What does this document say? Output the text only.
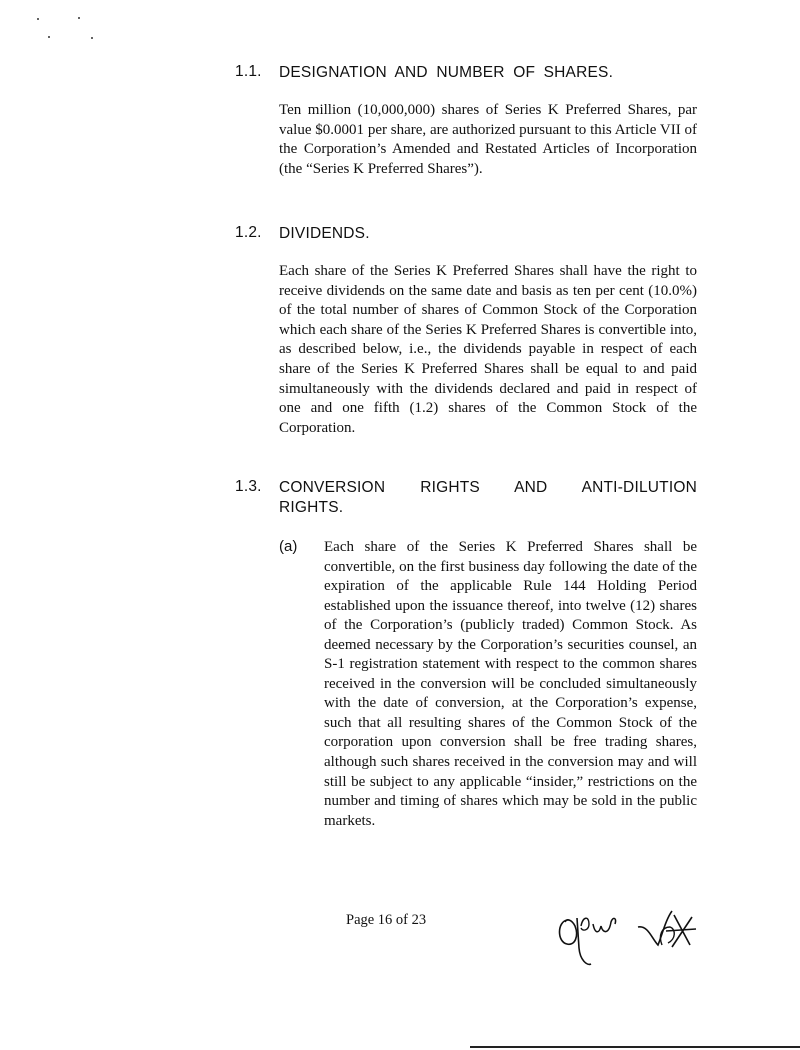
1.1. DESIGNATION AND NUMBER OF SHARES.

Ten million (10,000,000) shares of Series K Preferred Shares, par value $0.0001 per share, are authorized pursuant to this Article VII of the Corporation’s Amended and Restated Articles of Incorporation (the “Series K Preferred Shares”).

1.2. DIVIDENDS.

Each share of the Series K Preferred Shares shall have the right to receive dividends on the same date and basis as ten per cent (10.0%) of the total number of shares of Common Stock of the Corporation which each share of the Series K Preferred Shares is convertible into, as described below, i.e., the dividends payable in respect of each share of the Series K Preferred Shares shall be equal to and paid simultaneously with the dividends declared and paid in respect of one and one fifth (1.2) shares of the Common Stock of the Corporation.

1.3. CONVERSION RIGHTS AND ANTI-DILUTION
RIGHTS.
(a) Each share of the Series K Preferred Shares shall be convertible, on the first business day following the date of the expiration of the applicable Rule 144 Holding Period established upon the issuance thereof, into twelve (12) shares of the Corporation’s (publicly traded) Common Stock. As deemed necessary by the Corporation’s securities counsel, an S-1 registration statement with respect to the common shares received in the conversion will be concluded simultaneously with the date of conversion, at the Corporation’s expense, such that all resulting shares of the Common Stock of the corporation upon conversion shall be free trading shares, although such shares received in the conversion may and will still be subject to any applicable “insider,” restrictions on the number and timing of shares which may be sold in the public markets.

Page 16 of 23
